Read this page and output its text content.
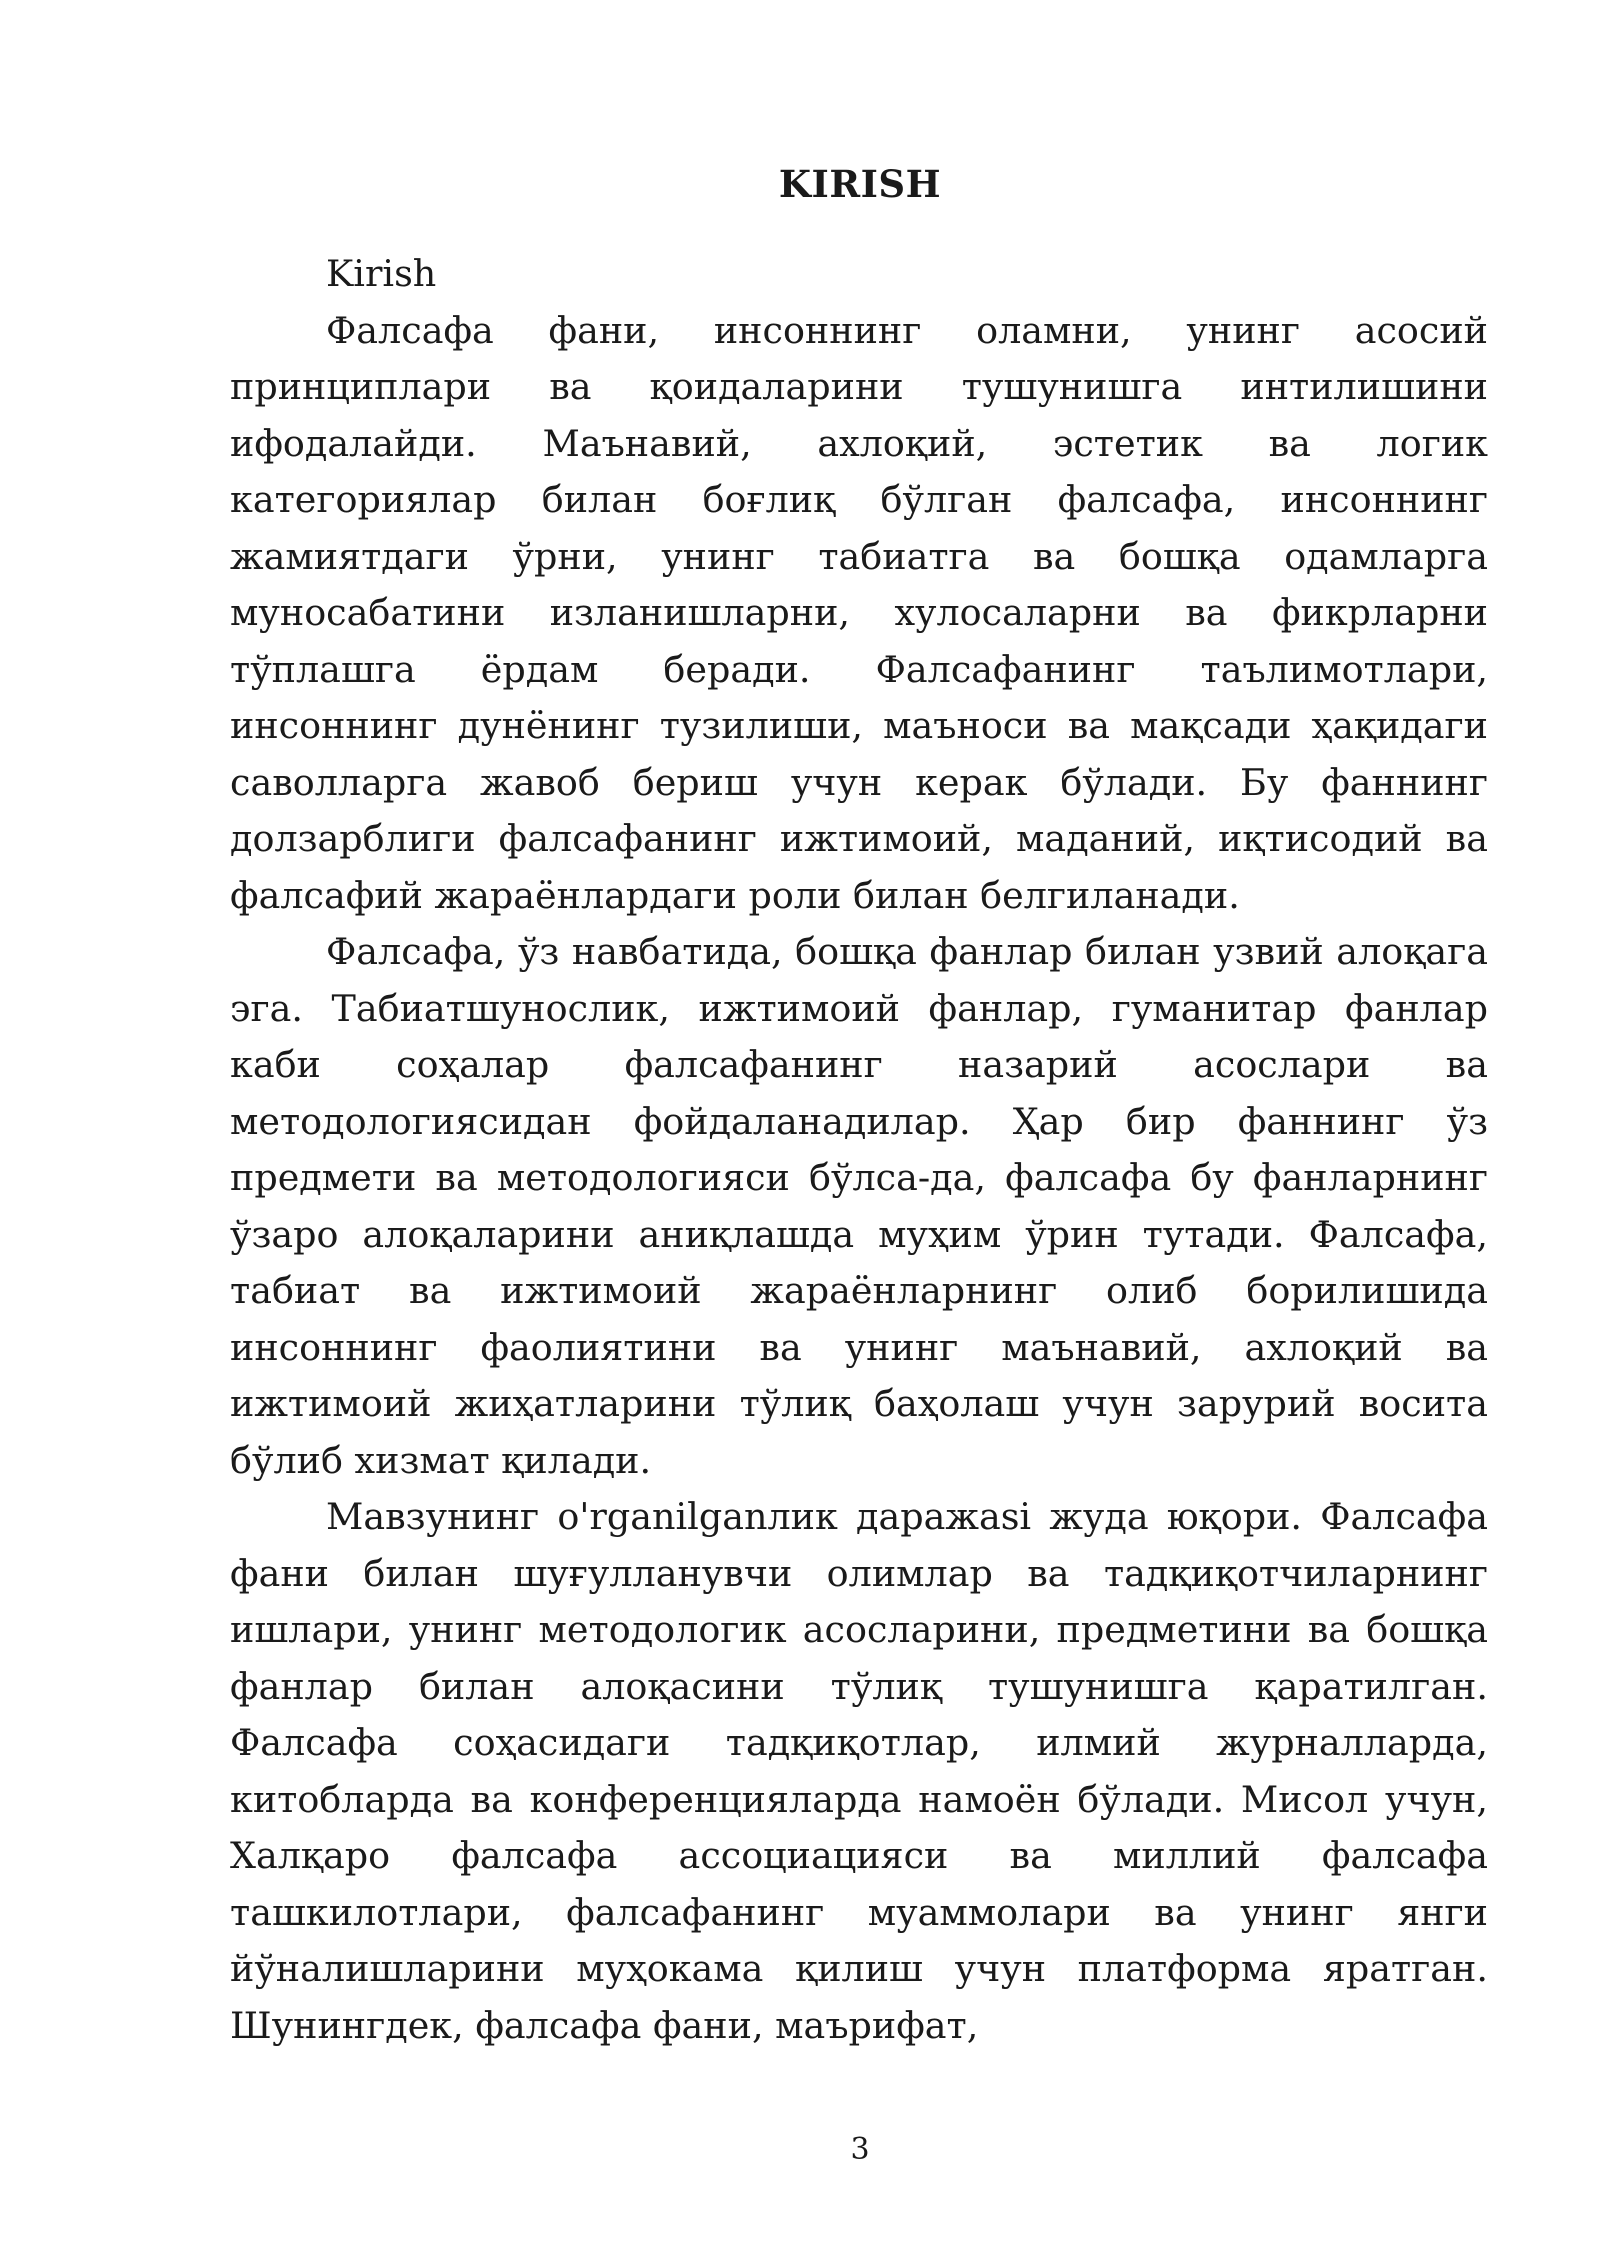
KIRISH
Kirish

Фалсафа фани, инсоннинг оламни, унинг асосий принциплари ва қоидаларини тушунишга интилишини ифодалайди. Маънавий, ахлоқий, эстетик ва логик категориялар билан боғлиқ бўлган фалсафа, инсоннинг жамиятдаги ўрни, унинг табиатга ва бошқа одамларга муносабатини изланишларни, хулосаларни ва фикрларни тўплашга ёрдам беради. Фалсафанинг таълимотлари, инсоннинг дунёнинг тузилиши, маъноси ва мақсади ҳақидаги саволларга жавоб бериш учун керак бўлади. Бу фаннинг долзарблиги фалсафанинг ижтимоий, маданий, иқтисодий ва фалсафий жараёнлардаги роли билан белгиланади.

Фалсафа, ўз навбатида, бошқа фанлар билан узвий алоқага эга. Табиатшунослик, ижтимоий фанлар, гуманитар фанлар каби соҳалар фалсафанинг назарий асослари ва методологиясидан фойдаланадилар. Ҳар бир фаннинг ўз предмети ва методологияси бўлса-да, фалсафа бу фанларнинг ўзаро алоқаларини аниқлашда муҳим ўрин тутади. Фалсафа, табиат ва ижтимоий жараёнларнинг олиб борилишида инсоннинг фаолиятини ва унинг маънавий, ахлоқий ва ижтимоий жиҳатларини тўлиқ баҳолаш учун зарурий восита бўлиб хизмат қилади.

Мавзунинг o'rganilganлик даражаsi жуда юқори. Фалсафа фани билан шуғулланувчи олимлар ва тадқиқотчиларнинг ишлари, унинг методологик асосларини, предметини ва бошқа фанлар билан алоқасини тўлиқ тушунишга қаратилган. Фалсафа соҳасидаги тадқиқотлар, илмий журналларда, китобларда ва конференцияларда намоён бўлади. Мисол учун, Халқаро фалсафа ассоциацияси ва миллий фалсафа ташкилотлари, фалсафанинг муаммолари ва унинг янги йўналишларини муҳокама қилиш учун платформа яратган. Шунингдек, фалсафа фани, маърифат,

3
